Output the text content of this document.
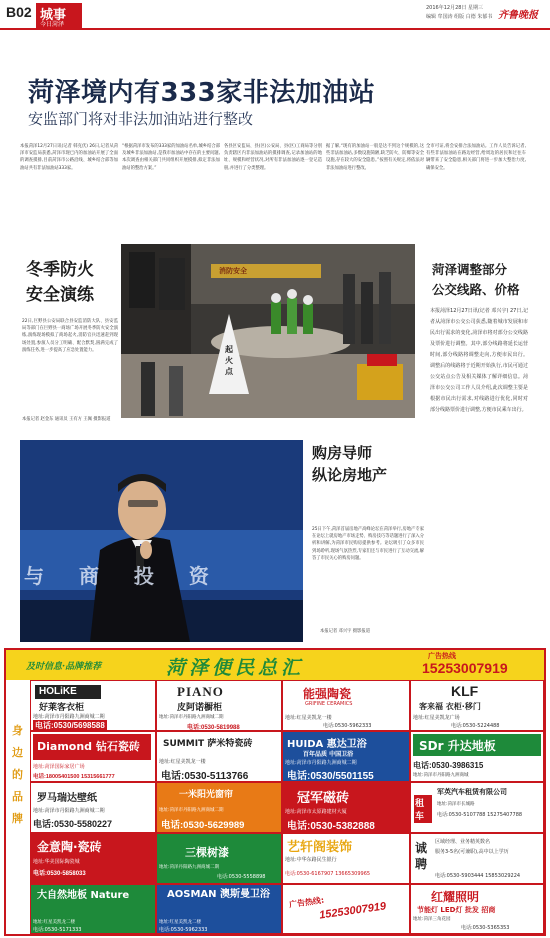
B02 城事
今日菏泽
2016年12月28日 星期三
编辑 牟国涛 组版 白德 朱郁书 齐鲁晚报
菏泽境内有333家非法加油站
安监部门将对非法加油站进行整改
本报菏泽12月27日讯(记者 韩克伏) 26日,记者从菏泽市安监局获悉,菏泽市现已内的加油站开展了全面的调查摸排,目前菏泽市公路沿线、城乡结合部等加油站共有非法加油站333家。
“根据菏泽市发布的333家的加油站名单,城乡结合部及城乡非法加油站,是我市加油站中存在的主要问题,本次调查由相关部门共同组织开展摸排,拟定非法加油站的整治方案。”
各县区安监局、县(区)公安局、县(区)工商局等分别负责辖区内非法加油站的摸排调查,记录加油站的地址、规模和经营状况,对所有非法加油站逐一登记造册,并进行了分类整理。
据了解,“现有的加油站一般是达不到这个规模的,这些非法加油站,多数设施简陋,缺乏防火、防爆等安全设施,存在较大的安全隐患。”按照有关规定,将依法对非法加油站进行整改。
全市可证,将会安排合法加油站。工作人员告诉记者,有些非法加油站在路边经营,给周边的居民和过往车辆带来了安全隐患,相关部门将进一步加大整治力度,确保安全。
冬季防火
安全演练
22日,巨野县公安局联合县安监消防大队、县安监局等部门在巨野县一商场广场开展冬季防火安全演练,演练现场模拟了商场起火,消防官兵迅速赶到现场处置,参演人员分工明确、配合默契,圆满完成了演练任务,进一步提高了应急处置能力。
本报记者 赵金东 通讯员 王有方 王佩 摄影报道
起火点
消防安全	菏泽调整部分
公交线路、价格
本报菏泽12月27日讯(记者 邓兴宇) 27日,记者从菏泽市公交公司获悉,随着城市发展和市民出行需求的变化,菏泽市将对部分公交线路及票价进行调整。其中,部分线路将延长运营时间,部分线路将调整走向,方便市民出行。调整后的线路将于近期开始执行,市民可通过公交站点公告及相关媒体了解详细信息。菏泽市公交公司工作人员介绍,此次调整主要是根据市民出行需求,对线路进行优化,同时对部分线路票价进行调整,方便市民乘车出行。
与 商 投 资
购房导师
纵论房地产
25日下午,菏泽首届房地产高峰论坛在菏泽举行,房地产专家在论坛上就房地产市场走势、购房技巧等话题进行了深入分析和讲解,为菏泽市民购房提供参考。论坛吸引了众多市民到场聆听,现场气氛热烈,专家们还与市民进行了互动交流,解答了市民关心的购房问题。
本报记者 邓兴宇 摄影报道
及时信息·品牌推荐	菏泽便民总汇
广告热线
15253007919
身边的品牌
HOLiKE
好莱客衣柜
地址:菏泽市丹阳路九洲商城二期
电话:0530/5698588
PIANO
皮阿诺橱柜
地址:菏泽市丹阳路九洲商城二期
电话:0530-5819988
能强陶瓷
GRIFINE CERAMICS
地址:红星美凯龙一楼
电话:0530-5962333
KLF
客来福 衣柜·移门
地址:红星美凯龙广场
电话:0530-5224488
Diamond 钻石瓷砖
地址:菏泽国际家居广场
电话:18005401500 15315661777
SUMMIT 萨米特瓷砖
地址:红星美凯龙一楼
电话:0530-5113766
HUIDA 惠达卫浴
百年品质 中国卫浴
地址:菏泽市丹阳路九洲商城二期
电话:0530/5501155
SDr 升达地板
地址:菏泽市丹阳路九洲商城
电话:0530-3986315
罗马瑞达壁纸
地址:菏泽市丹阳路九洲商城二期
电话:0530-5580227
一米阳光窗帘
地址:菏泽市丹阳路九洲商城二期
电话:0530-5629989
冠军磁砖
地址:菏泽市太原路建材大厦
电话:0530-5382888
租车
军英汽车租赁有限公司
地址:菏泽市长城路
电话:0530-5107788 15275407788
金意陶·瓷砖
地址:华美国际陶瓷城
电话:0530-5858033
三棵树漆
地址:菏泽丹阳路九洲商城二期
电话:0530-5558898
艺轩阁装饰
地址:中华东路民生银行
电话:0530-6167907 13665309965
诚聘
区域经理、业务精英数名
服务3-5名(可兼职),高中以上学历
电话:0530-5903444 15853029224
大自然地板 Nature
地址:红星美凯龙二楼
电话:0530-5171333
AOSMAN 澳斯曼卫浴
地址:红星美凯龙二楼
电话:0530-5962333
广告热线:
15253007919
红耀照明
节能灯 LED灯 批发 招商
地址:菏泽三角花园
电话:0530-5365353
